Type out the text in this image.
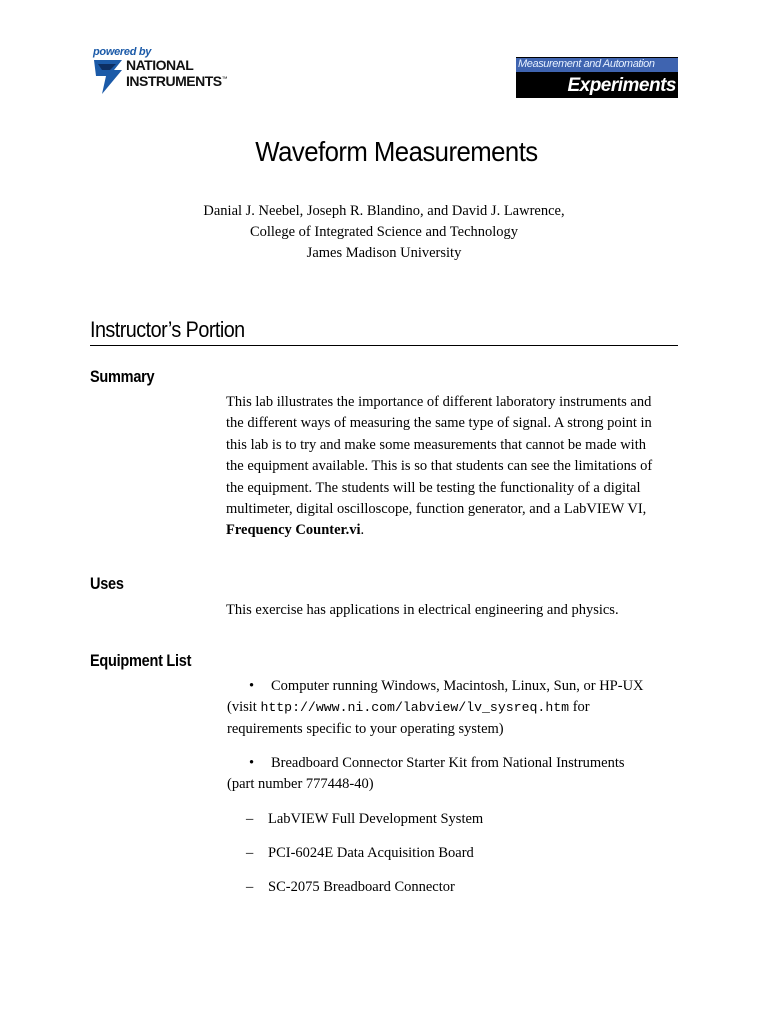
powered by
NATIONAL
INSTRUMENTS™
Measurement and Automation
Experiments
Waveform Measurements
Danial J. Neebel, Joseph R. Blandino, and David J. Lawrence,
College of Integrated Science and Technology
James Madison University
Instructor’s Portion
Summary
This lab illustrates the importance of different laboratory instruments and
the different ways of measuring the same type of signal. A strong point in
this lab is to try and make some measurements that cannot be made with
the equipment available. This is so that students can see the limitations of
the equipment. The students will be testing the functionality of a digital
multimeter, digital oscilloscope, function generator, and a LabVIEW VI,
Frequency Counter.vi.
Uses
This exercise has applications in electrical engineering and physics.
Equipment List
• Computer running Windows, Macintosh, Linux, Sun, or HP-UX
(visit http://www.ni.com/labview/lv_sysreq.htm for
requirements specific to your operating system)
• Breadboard Connector Starter Kit from National Instruments
(part number 777448-40)
– LabVIEW Full Development System
– PCI-6024E Data Acquisition Board
– SC-2075 Breadboard Connector
